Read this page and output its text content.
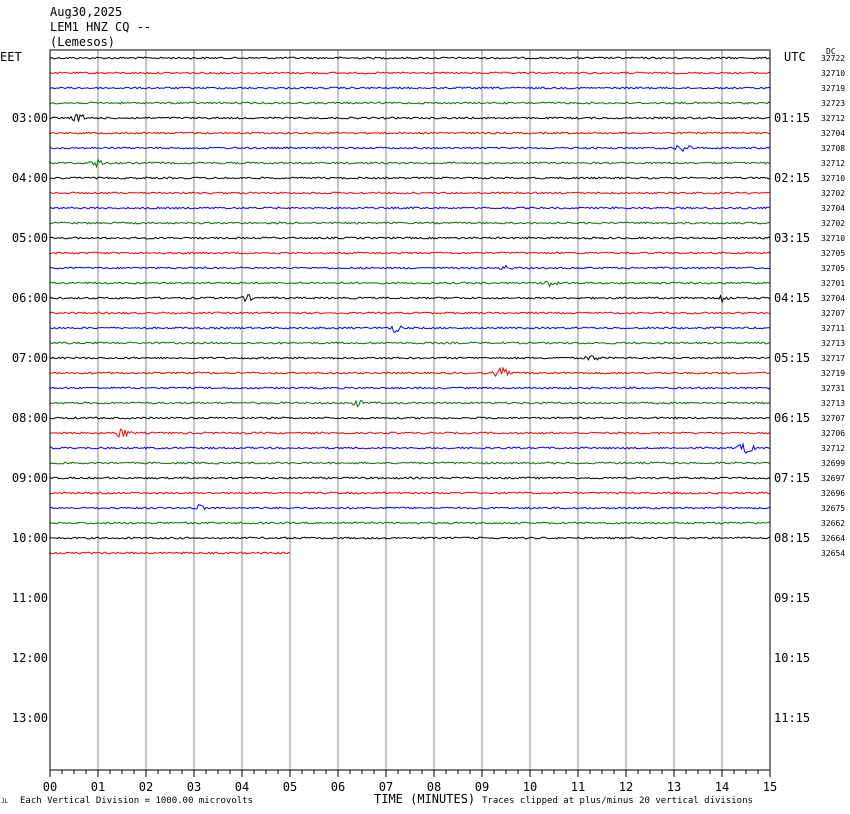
03:00
04:00
05:00
06:00
07:00
08:00
09:00
10:00
11:00
12:00
13:00
01:15
02:15
03:15
04:15
05:15
06:15
07:15
08:15
09:15
10:15
11:15
32722
32710
32719
32723
32712
32704
32708
32712
32710
32702
32704
32702
32710
32705
32705
32701
32704
32707
32711
32713
32717
32719
32731
32713
32707
32706
32712
32699
32697
32696
32675
32662
32664
32654
00	01	02	03	04	05	06	07	08	09	10	11	12	13	14	15
Aug30,2025
LEM1 HNZ CQ --
(Lemesos)
EET	UTC	DC
JL Each Vertical Division = 1000.00 microvolts	TIME (MINUTES) Traces clipped at plus/minus 20 vertical divisions
